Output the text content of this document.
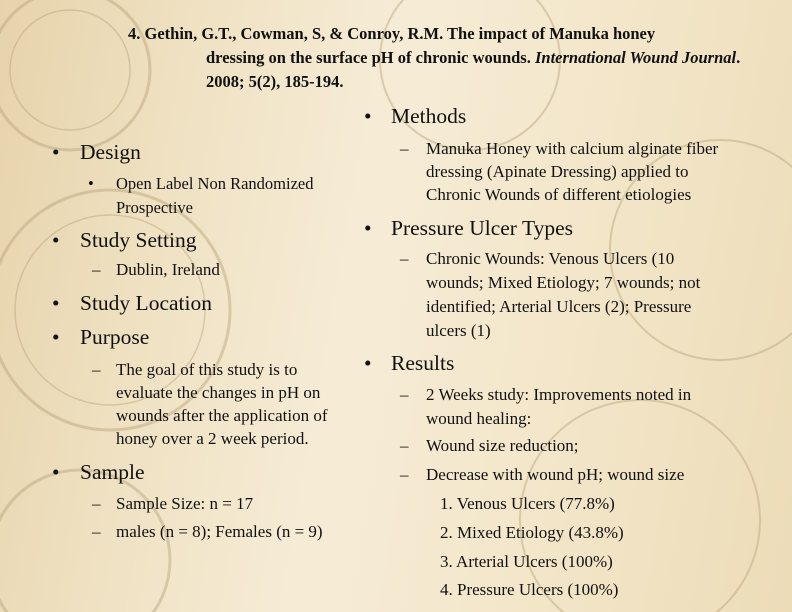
4. Gethin, G.T., Cowman, S, & Conroy, R.M. The impact of Manuka honey
dressing on the surface pH of chronic wounds. International Wound Journal. 2008; 5(2), 185-194.
• Design
• Open Label Non Randomized
Prospective
• Study Setting
– Dublin, Ireland
• Study Location
• Purpose
– The goal of this study is to
evaluate the changes in pH on
wounds after the application of
honey over a 2 week period.
• Sample
– Sample Size: n = 17
– males (n = 8); Females (n = 9)
• Methods
– Manuka Honey with calcium alginate fiber
dressing (Apinate Dressing) applied to
Chronic Wounds of different etiologies
• Pressure Ulcer Types
– Chronic Wounds: Venous Ulcers (10
wounds; Mixed Etiology; 7 wounds; not
identified; Arterial Ulcers (2); Pressure
ulcers (1)
• Results
– 2 Weeks study: Improvements noted in
wound healing:
– Wound size reduction;
– Decrease with wound pH; wound size
1. Venous Ulcers (77.8%)
2. Mixed Etiology (43.8%)
3. Arterial Ulcers (100%)
4. Pressure Ulcers (100%)
